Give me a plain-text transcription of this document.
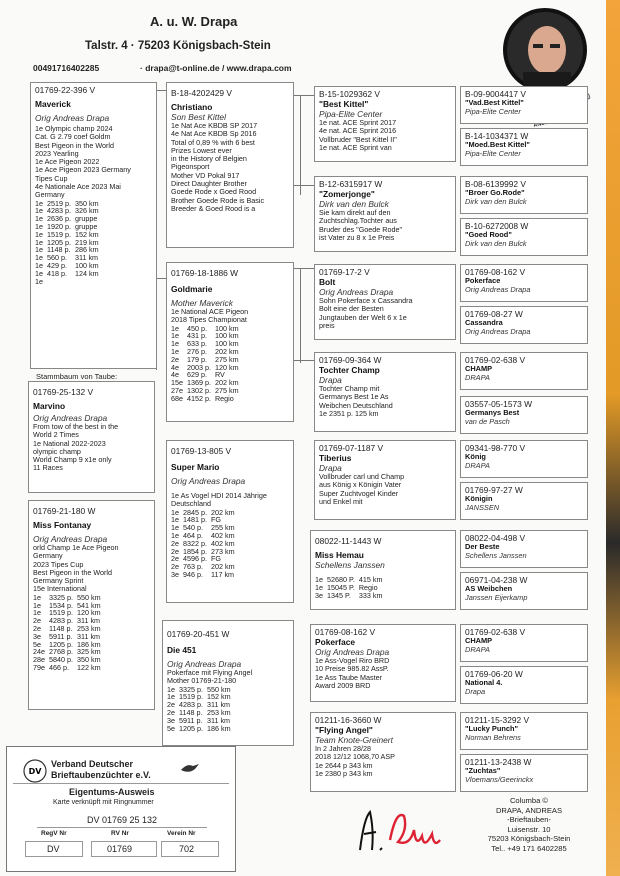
A. u. W. Drapa
Talstr. 4 · 75203 Königsbach-Stein
00491716402285	· drapa@t-online.de / www.drapa.com
01769-22-396 V
Maverick
Orig Andreas Drapa
1e Olympic champ 2024
Cat. G 2.79 coef Goldm
Best Pigeon in the World
2023 Yearling
1e Ace Pigeon 2022
1e Ace Pigeon 2023 Germany
Tipes Cup
4e Nationale Ace 2023 Mai
Germany
1e	2519 p.	350 km
1e	4283 p.	326 km
1e	2636 p.	gruppe
1e	1920 p.	gruppe
1e	1519 p.	152 km
1e	1205 p.	219 km
1e	1148 p.	286 km
1e	560 p.	311 km
1e	429 p.	100 km
1e	418 p.	124 km
1e		
Stammbaum von Taube:
01769-25-132 V
Marvino
Orig Andreas Drapa
From tow of the best in the
World 2 Times
1e National 2022-2023
olympic champ
World Champ 9 x1e only
11 Races
01769-21-180 W
Miss Fontanay
Orig Andreas Drapa
orld Champ 1e Ace Pigeon
Germany
2023 Tipes Cup
Best Pigeon in the World
Germany Sprint
15e International
1e	3325 p.	550 km
1e	1534 p.	541 km
1e	1519 p.	120 km
2e	4283 p.	311 km
2e	1148 p.	253 km
3e	5911 p.	311 km
5e	1205 p.	186 km
24e	2768 p.	325 km
28e	5840 p.	350 km
79e	466 p.	122 km
B-18-4202429 V
Christiano
Son Best Kittel
1e Nat Ace KBDB SP 2017
4e Nat Ace KBDB Sp 2016
Total of 0,89 % with 6 best
Prizes Lowest ever
in the History of Belgien
Pigeonsport
Mother VD Pokal 917
Direct Daughter Brother
Goede Rode x Goed Rood
Brother Goede Rode is Basic
Breeder & Goed Rood is a
01769-18-1886 W
Goldmarie
Mother Maverick
1e National ACE Pigeon
2018 Tipes Championat
1e	450 p.	100 km
1e	431 p.	100 km
1e	633 p.	100 km
1e	276 p.	202 km
2e	179 p.	275 km
4e	2003 p.	120 km
4e	629 p.	RV
15e	1369 p.	202 km
27e	1302 p.	275 km
68e	4152 p.	Regio
01769-13-805 V
Super Mario
Orig Andreas Drapa
1e As Vogel HDI 2014 Jährige
Deutschland
1e	2845 p.	202 km
1e	1481 p.	FG
1e	540 p.	255 km
1e	464 p.	402 km
2e	8322 p.	402 km
2e	1854 p.	273 km
2e	4596 p.	FG
2e	763 p.	202 km
3e	946 p.	117 km
01769-20-451 W
Die 451
Orig Andreas Drapa
Pokerface mit Flying Angel
Mother 01769-21-180
1e	3325 p.	550 km
1e	1519 p.	152 km
2e	4283 p.	311 km
2e	1148 p.	253 km
3e	5911 p.	311 km
5e	1205 p.	186 km
B-15-1029362 V
"Best Kittel"
Pipa-Elite Center
1e nat. ACE Sprint 2017
4e nat. ACE Sprint 2016
Vollbruder "Best Kittel II"
1e nat. ACE Sprint van
B-12-6315917 W
"Zomerjonge"
Dirk van den Bulck
Sie kam direkt auf den
Zuchtschlag.Tochter aus
Bruder des "Goede Rode"
ist Vater zu 8 x 1e Preis
01769-17-2 V
Bolt
Orig Andreas Drapa
Sohn Pokerface x Cassandra
Bolt eine der Besten
Jungtauben der Welt 6 x 1e
preis
01769-09-364 W
Tochter Champ
Drapa
Tochter Champ mit
Germanys Best 1e As
Weibchen Deutschland
1e 2351 p. 125 km
01769-07-1187 V
Tiberius
Drapa
Vollbruder carl und Champ
aus König x Königin Vater
Super Zuchtvogel Kinder
und Enkel mit
08022-11-1443 W
Miss Hemau
Schellens Janssen
1e	52680 P.	415 km
1e	15045 P.	Regio
3e	1345 P.	333 km
01769-08-162 V
Pokerface
Orig Andreas Drapa
1e Ass-Vogel Riro BRD
10 Preise 985.82 AssP.
1e Ass Taube Master
Award 2009 BRD
01211-16-3660 W
"Flying Angel"
Team Knote-Greinert
In 2 Jahren 28/28
2018 12/12 1068,70 ASP
1e 2644 p 343 km
1e 2380 p 343 km
B-09-9004417 V
"Vad.Best Kittel"
Pipa-Elite Center
B-14-1034371 W
"Moed.Best Kittel"
Pipa-Elite Center
B-08-6139992 V
"Broer Go.Rode"
Dirk van den Bulck
B-10-6272008 W
"Goed Rood"
Dirk van den Bulck
01769-08-162 V
Pokerface
Orig Andreas Drapa
01769-08-27 W
Cassandra
Orig Andreas Drapa
01769-02-638 V
CHAMP
DRAPA
03557-05-1573 W
Germanys Best
van de Pasch
09341-98-770 V
König
DRAPA
01769-97-27 W
Königin
JANSSEN
08022-04-498 V
Der Beste
Schellens Janssen
06971-04-238 W
AS Weibchen
Janssen Eijerkamp
01769-02-638 V
CHAMP
DRAPA
01769-06-20 W
National 4.
Drapa
01211-15-3292 V
"Lucky Punch"
Norman Behrens
01211-13-2438 W
"Zuchtas"
Vloemans/Geerinckx
DV
Verband Deutscher
Brieftaubenzüchter e.V.
Eigentums-Ausweis
Karte verknüpft mit Ringnummer
DV 01769 25 132
RegV Nr	RV Nr	Verein Nr
DV	01769	702
Columba ©
DRAPA, ANDREAS
-Brieftauben-
Luisenstr. 10
75203 Königsbach-Stein
Tel.. +49 171 6402285
